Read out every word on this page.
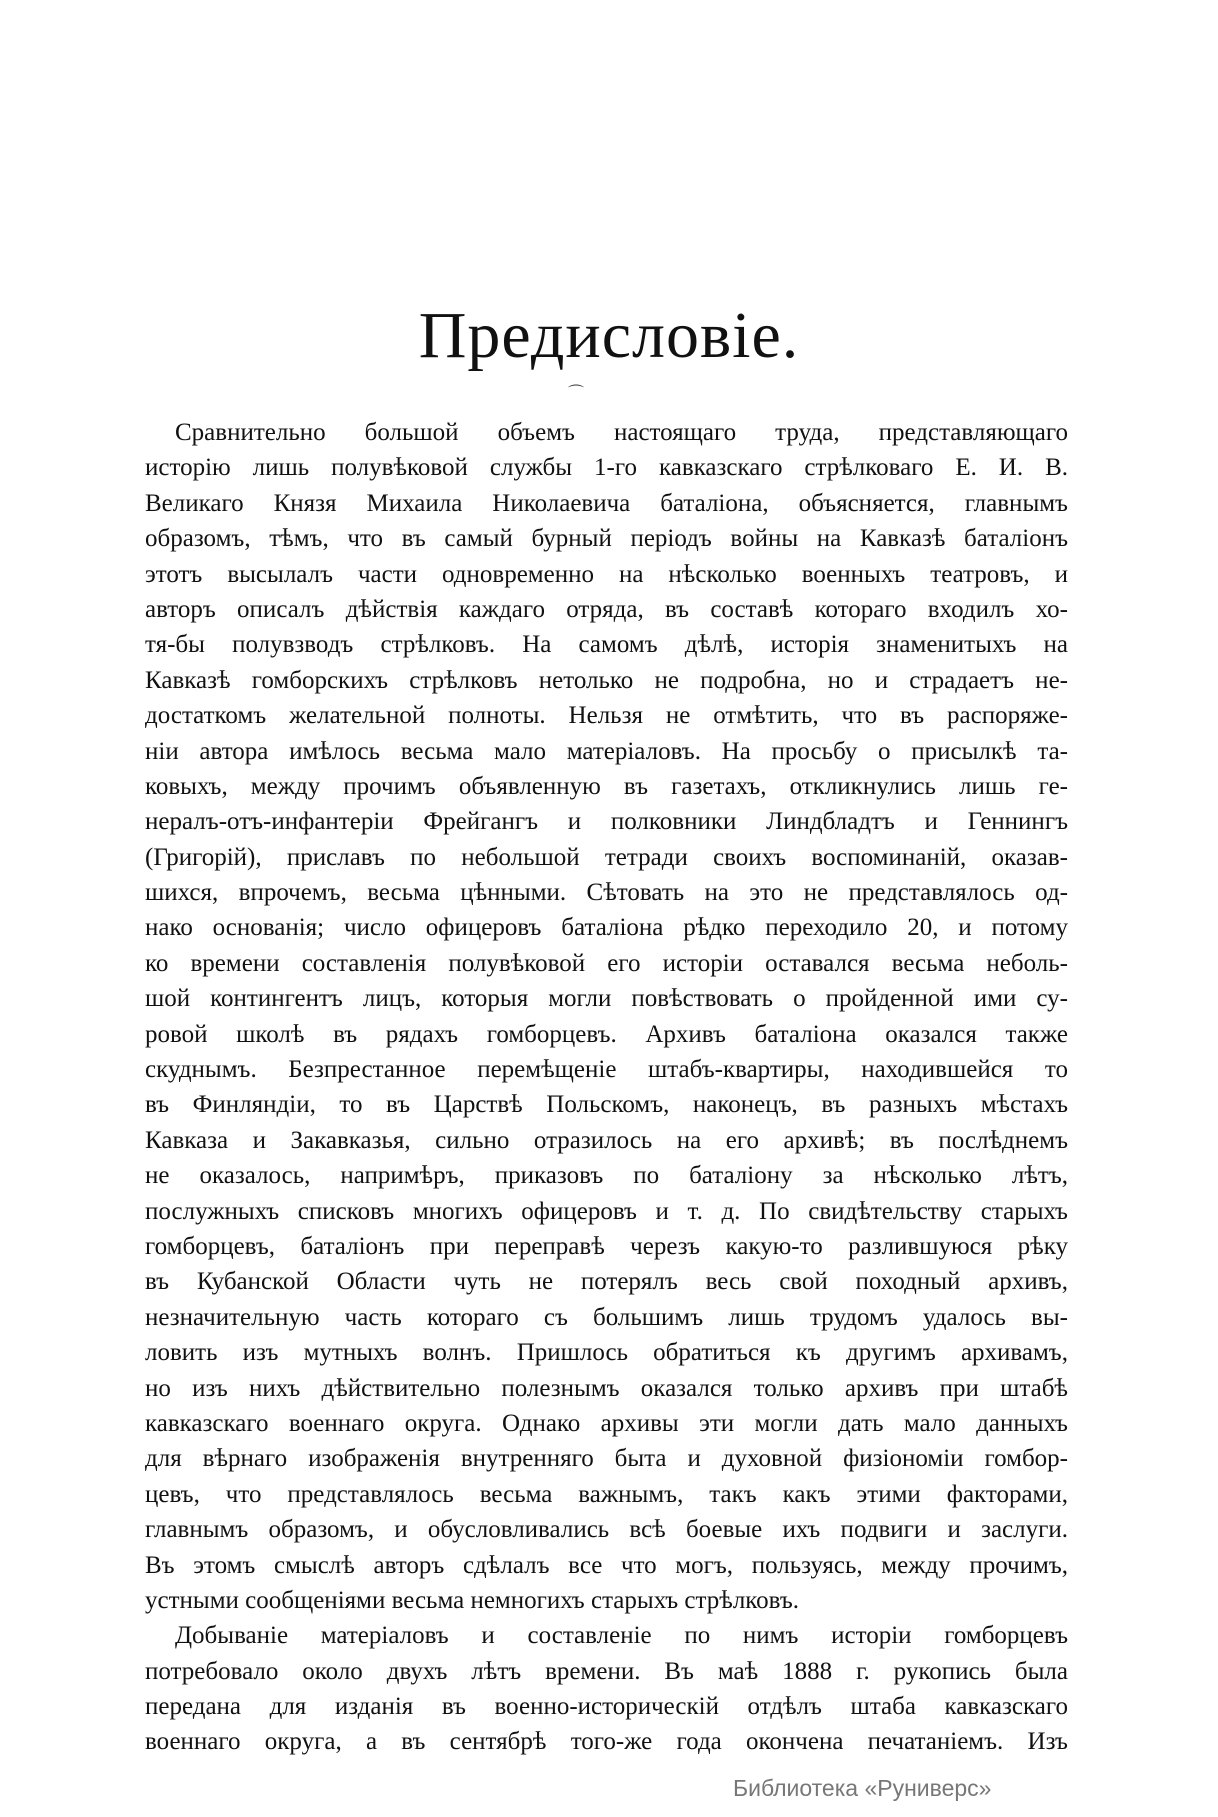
Предисловіе.
⌒
Сравнительно большой объемъ настоящаго труда, представляющаго
исторію лишь полувѣковой службы 1-го кавказскаго стрѣлковаго Е. И. В.
Великаго Князя Михаила Николаевича баталіона, объясняется, главнымъ
образомъ, тѣмъ, что въ самый бурный періодъ войны на Кавказѣ баталіонъ
этотъ высылалъ части одновременно на нѣсколько военныхъ театровъ, и
авторъ описалъ дѣйствія каждаго отряда, въ составѣ котораго входилъ хо-
тя-бы полувзводъ стрѣлковъ. На самомъ дѣлѣ, исторія знаменитыхъ на
Кавказѣ гомборскихъ стрѣлковъ нетолько не подробна, но и страдаетъ не-
достаткомъ желательной полноты. Нельзя не отмѣтить, что въ распоряже-
ніи автора имѣлось весьма мало матеріаловъ. На просьбу о присылкѣ та-
ковыхъ, между прочимъ объявленную въ газетахъ, откликнулись лишь ге-
нералъ-отъ-инфантеріи Фрейгангъ и полковники Линдбладтъ и Геннингъ
(Григорій), приславъ по небольшой тетради своихъ воспоминаній, оказав-
шихся, впрочемъ, весьма цѣнными. Сѣтовать на это не представлялось од-
нако основанія; число офицеровъ баталіона рѣдко переходило 20, и потому
ко времени составленія полувѣковой его исторіи оставался весьма неболь-
шой контингентъ лицъ, которыя могли повѣствовать о пройденной ими су-
ровой школѣ въ рядахъ гомборцевъ. Архивъ баталіона оказался также
скуднымъ. Безпрестанное перемѣщеніе штабъ-квартиры, находившейся то
въ Финляндіи, то въ Царствѣ Польскомъ, наконецъ, въ разныхъ мѣстахъ
Кавказа и Закавказья, сильно отразилось на его архивѣ; въ послѣднемъ
не оказалось, напримѣръ, приказовъ по баталіону за нѣсколько лѣтъ,
послужныхъ списковъ многихъ офицеровъ и т. д. По свидѣтельству старыхъ
гомборцевъ, баталіонъ при переправѣ черезъ какую-то разлившуюся рѣку
въ Кубанской Области чуть не потерялъ весь свой походный архивъ,
незначительную часть котораго съ большимъ лишь трудомъ удалось вы-
ловить изъ мутныхъ волнъ. Пришлось обратиться къ другимъ архивамъ,
но изъ нихъ дѣйствительно полезнымъ оказался только архивъ при штабѣ
кавказскаго военнаго округа. Однако архивы эти могли дать мало данныхъ
для вѣрнаго изображенія внутренняго быта и духовной физіономіи гомбор-
цевъ, что представлялось весьма важнымъ, такъ какъ этими факторами,
главнымъ образомъ, и обусловливались всѣ боевые ихъ подвиги и заслуги.
Въ этомъ смыслѣ авторъ сдѣлалъ все что могъ, пользуясь, между прочимъ,
устными сообщеніями весьма немногихъ старыхъ стрѣлковъ.
Добываніе матеріаловъ и составленіе по нимъ исторіи гомборцевъ
потребовало около двухъ лѣтъ времени. Въ маѣ 1888 г. рукопись была
передана для изданія въ военно-историческій отдѣлъ штаба кавказскаго
военнаго округа, а въ сентябрѣ того-же года окончена печатаніемъ. Изъ
Библиотека «Руниверс»
